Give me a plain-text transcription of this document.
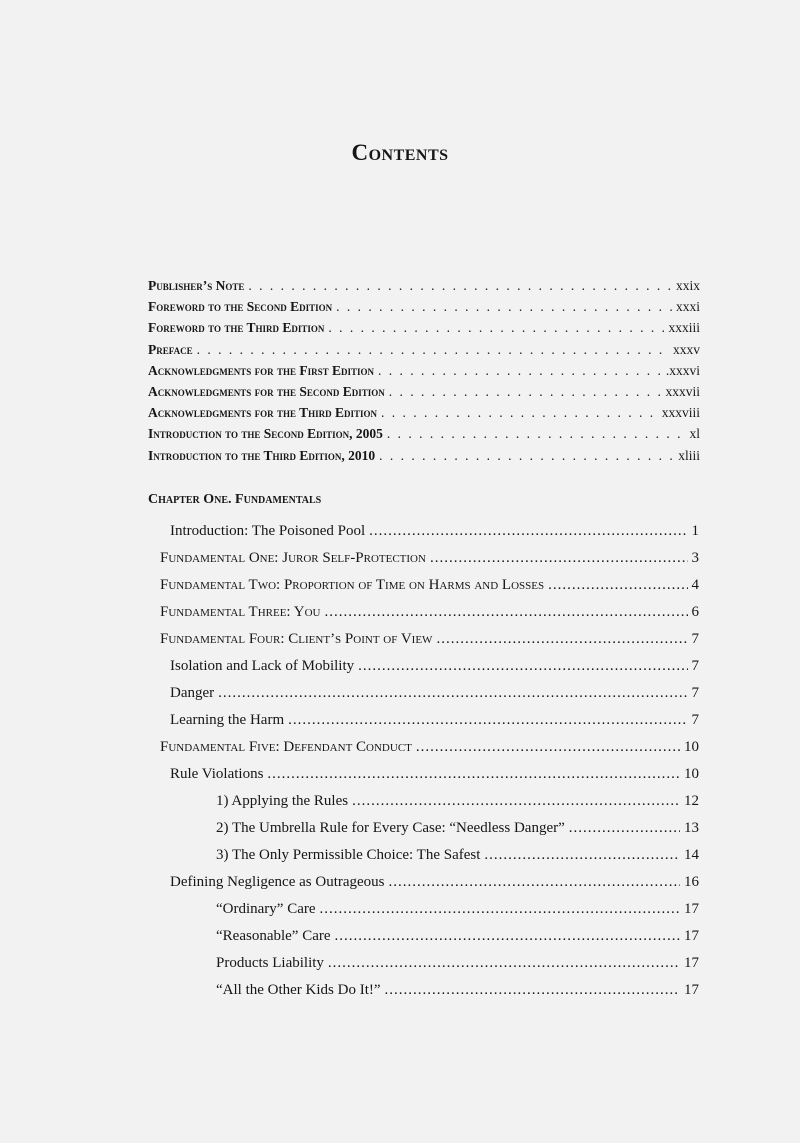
Contents
Publisher’s Note . . .	xxix
Foreword to the Second Edition . . .	xxxi
Foreword to the Third Edition . . .	xxxiii
Preface . . .	xxxv
Acknowledgments for the First Edition . . .	.xxxvi
Acknowledgments for the Second Edition . . .	xxxvii
Acknowledgments for the Third Edition . . .	xxxviii
Introduction to the Second Edition, 2005 . . .	xl
Introduction to the Third Edition, 2010 . . .	xliii
Chapter One. Fundamentals
Introduction: The Poisoned Pool .....	1
Fundamental One: Juror Self-Protection .....	3
Fundamental Two: Proportion of Time on Harms and Losses .....	4
Fundamental Three: You .....	6
Fundamental Four: Client’s Point of View .....	7
Isolation and Lack of Mobility .....	7
Danger .....	7
Learning the Harm .....	7
Fundamental Five: Defendant Conduct .....	10
Rule Violations .....	10
1) Applying the Rules .....	12
2) The Umbrella Rule for Every Case: “Needless Danger” .....	13
3) The Only Permissible Choice: The Safest .....	14
Defining Negligence as Outrageous .....	16
“Ordinary” Care .....	17
“Reasonable” Care .....	17
Products Liability .....	17
“All the Other Kids Do It!” .....	17
